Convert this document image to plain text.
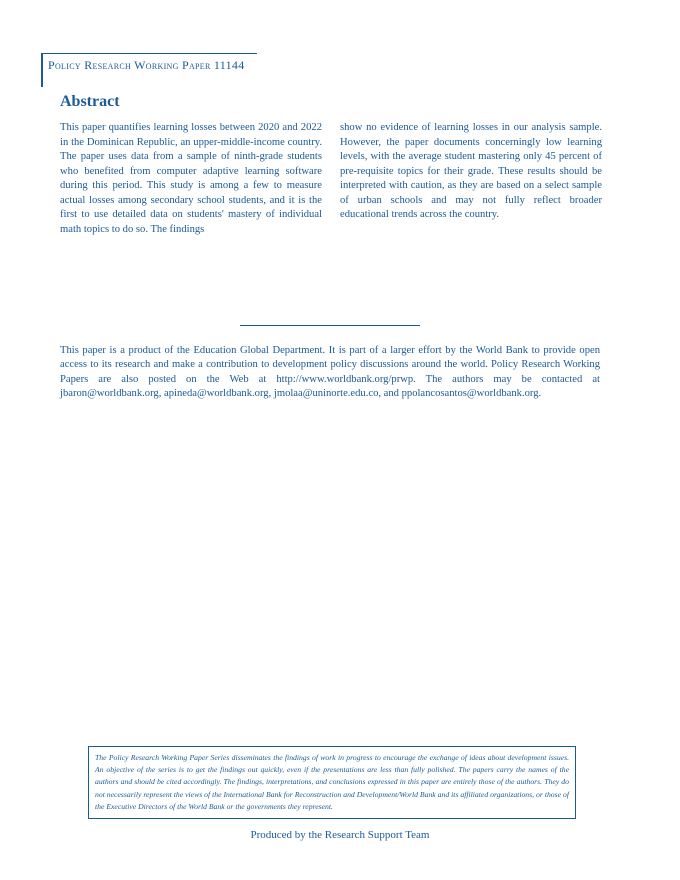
Policy Research Working Paper 11144
Abstract

This paper quantifies learning losses between 2020 and 2022 in the Dominican Republic, an upper-middle-income country. The paper uses data from a sample of ninth-grade students who benefited from computer adaptive learning software during this period. This study is among a few to measure actual losses among secondary school students, and it is the first to use detailed data on students' mastery of individual math topics to do so. The findings

show no evidence of learning losses in our analysis sample. However, the paper documents concerningly low learning levels, with the average student mastering only 45 percent of pre-requisite topics for their grade. These results should be interpreted with caution, as they are based on a select sample of urban schools and may not fully reflect broader educational trends across the country.

This paper is a product of the Education Global Department. It is part of a larger effort by the World Bank to provide open access to its research and make a contribution to development policy discussions around the world. Policy Research Working Papers are also posted on the Web at http://www.worldbank.org/prwp. The authors may be contacted at jbaron@worldbank.org, apineda@worldbank.org, jmolaa@uninorte.edu.co, and ppolancosantos@worldbank.org.

The Policy Research Working Paper Series disseminates the findings of work in progress to encourage the exchange of ideas about development issues. An objective of the series is to get the findings out quickly, even if the presentations are less than fully polished. The papers carry the names of the authors and should be cited accordingly. The findings, interpretations, and conclusions expressed in this paper are entirely those of the authors. They do not necessarily represent the views of the International Bank for Reconstruction and Development/World Bank and its affiliated organizations, or those of the Executive Directors of the World Bank or the governments they represent.

Produced by the Research Support Team
